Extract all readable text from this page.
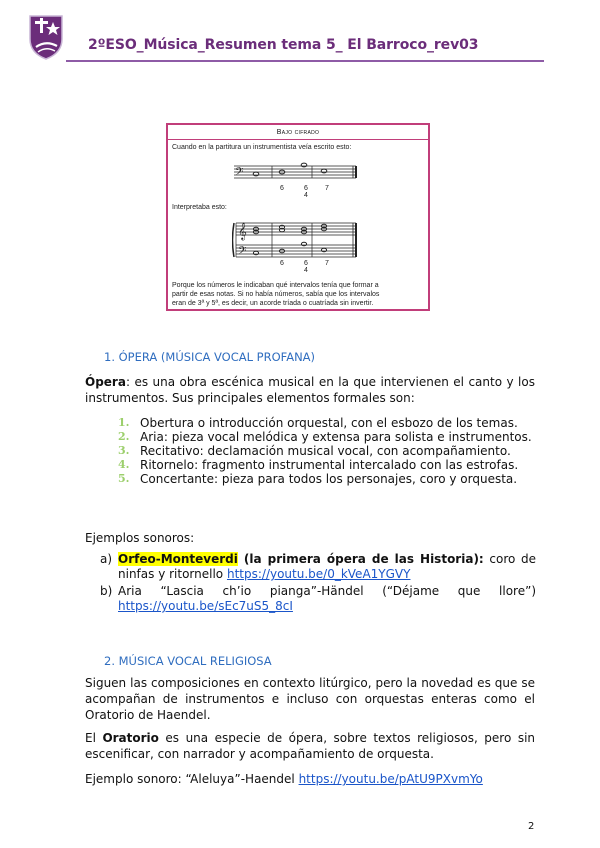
2ºESO_Música_Resumen tema 5_ El Barroco_rev03
Bajo cifrado
Cuando en la partitura un instrumentista veía escrito esto:
𝄢
6	6
4
7
Interpretaba esto:
𝄞
𝄢
6	6
4
7
Porque los números le indicaban qué intervalos tenía que formar a
partir de esas notas. Si no había números, sabía que los intervalos
eran de 3ª y 5ª, es decir, un acorde tríada o cuatríada sin invertir.
1. ÓPERA (MÚSICA VOCAL PROFANA)

Ópera: es una obra escénica musical en la que intervienen el canto y los instrumentos. Sus principales elementos formales son:

1. Obertura o introducción orquestal, con el esbozo de los temas.
2. Aria: pieza vocal melódica y extensa para solista e instrumentos.
3. Recitativo: declamación musical vocal, con acompañamiento.
4. Ritornelo: fragmento instrumental intercalado con las estrofas.
5. Concertante: pieza para todos los personajes, coro y orquesta.
Ejemplos sonoros:
a) Orfeo-Monteverdi (la primera ópera de las Historia): coro de ninfas y ritornello https://youtu.be/0_kVeA1YGVY
b) Aria “Lascia ch’io pianga”-Händel (“Déjame que llore”) https://youtu.be/sEc7uS5_8cI
2. MÚSICA VOCAL RELIGIOSA

Siguen las composiciones en contexto litúrgico, pero la novedad es que se acompañan de instrumentos e incluso con orquestas enteras como el Oratorio de Haendel.

El Oratorio es una especie de ópera, sobre textos religiosos, pero sin escenificar, con narrador y acompañamiento de orquesta.

Ejemplo sonoro: “Aleluya”-Haendel https://youtu.be/pAtU9PXvmYo

2
